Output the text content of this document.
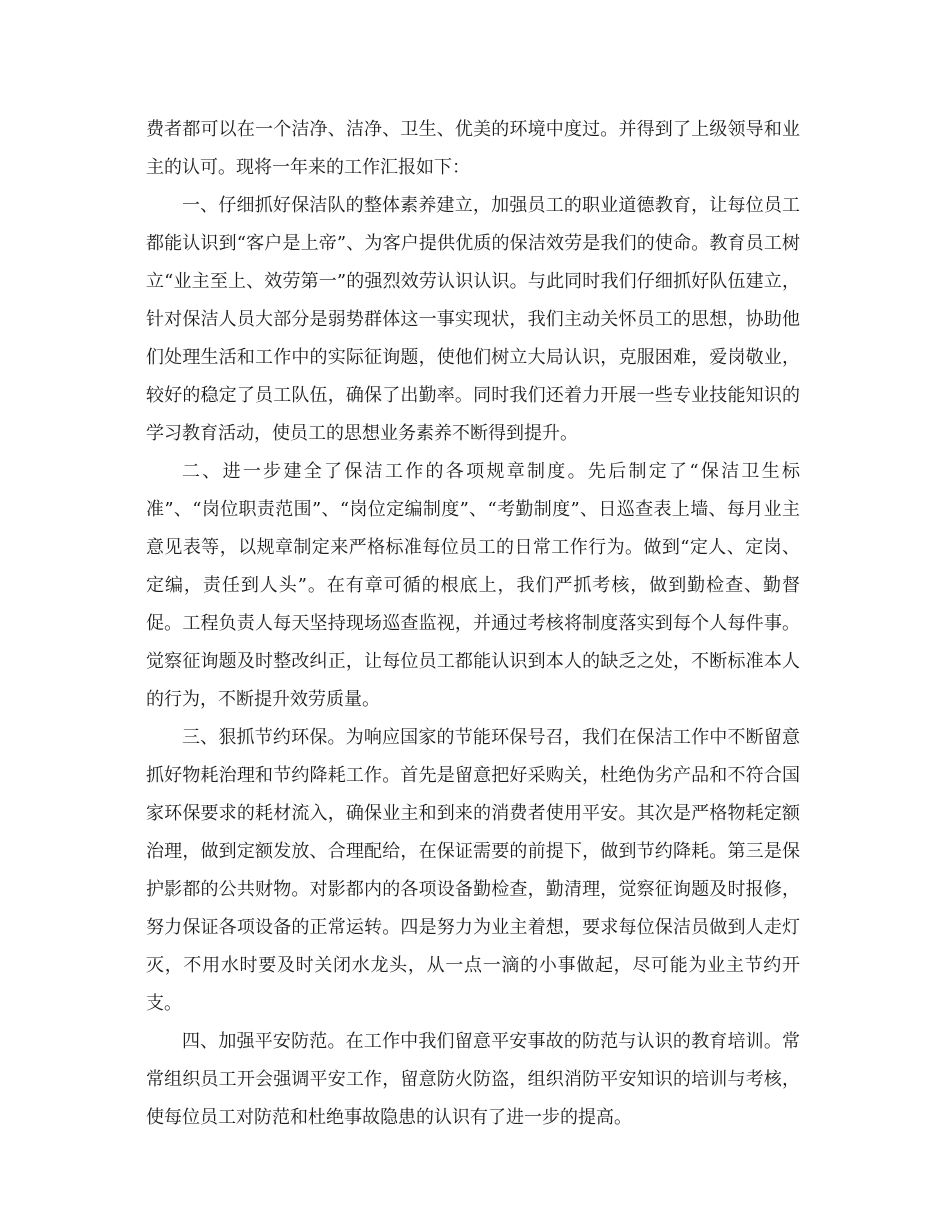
费者都可以在一个洁净、洁净、卫生、优美的环境中度过。并得到了上级领导和业主的认可。现将一年来的工作汇报如下：

一、仔细抓好保洁队的整体素养建立，加强员工的职业道德教育，让每位员工都能认识到“客户是上帝”、为客户提供优质的保洁效劳是我们的使命。教育员工树立“业主至上、效劳第一”的强烈效劳认识认识。与此同时我们仔细抓好队伍建立，针对保洁人员大部分是弱势群体这一事实现状，我们主动关怀员工的思想，协助他们处理生活和工作中的实际征询题，使他们树立大局认识，克服困难，爱岗敬业，较好的稳定了员工队伍，确保了出勤率。同时我们还着力开展一些专业技能知识的学习教育活动，使员工的思想业务素养不断得到提升。

二、进一步建全了保洁工作的各项规章制度。先后制定了“保洁卫生标准”、“岗位职责范围”、“岗位定编制度”、“考勤制度”、日巡查表上墙、每月业主意见表等，以规章制定来严格标准每位员工的日常工作行为。做到“定人、定岗、定编，责任到人头”。在有章可循的根底上，我们严抓考核，做到勤检查、勤督促。工程负责人每天坚持现场巡查监视，并通过考核将制度落实到每个人每件事。觉察征询题及时整改纠正，让每位员工都能认识到本人的缺乏之处，不断标准本人的行为，不断提升效劳质量。

三、狠抓节约环保。为响应国家的节能环保号召，我们在保洁工作中不断留意抓好物耗治理和节约降耗工作。首先是留意把好采购关，杜绝伪劣产品和不符合国家环保要求的耗材流入，确保业主和到来的消费者使用平安。其次是严格物耗定额治理，做到定额发放、合理配给，在保证需要的前提下，做到节约降耗。第三是保护影都的公共财物。对影都内的各项设备勤检查，勤清理，觉察征询题及时报修，努力保证各项设备的正常运转。四是努力为业主着想，要求每位保洁员做到人走灯灭，不用水时要及时关闭水龙头，从一点一滴的小事做起，尽可能为业主节约开支。

四、加强平安防范。在工作中我们留意平安事故的防范与认识的教育培训。常常组织员工开会强调平安工作，留意防火防盗，组织消防平安知识的培训与考核，使每位员工对防范和杜绝事故隐患的认识有了进一步的提高。
